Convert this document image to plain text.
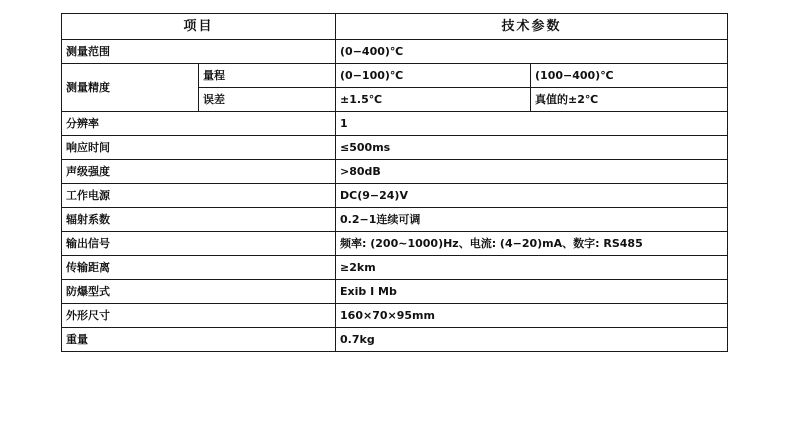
项目		技术参数	
测量范围		(0−400)℃	
测量精度	量程	(0−100)℃	(100−400)℃
	误差	±1.5℃	真值的±2℃
分辨率		1	
响应时间		≤500ms	
声级强度		>80dB	
工作电源		DC(9−24)V	
辐射系数		0.2−1连续可调	
输出信号		频率: (200∼1000)Hz、电流: (4−20)mA、数字: RS485	
传输距离		≥2km	
防爆型式		Exib I Mb	
外形尺寸		160×70×95mm	
重量		0.7kg	
